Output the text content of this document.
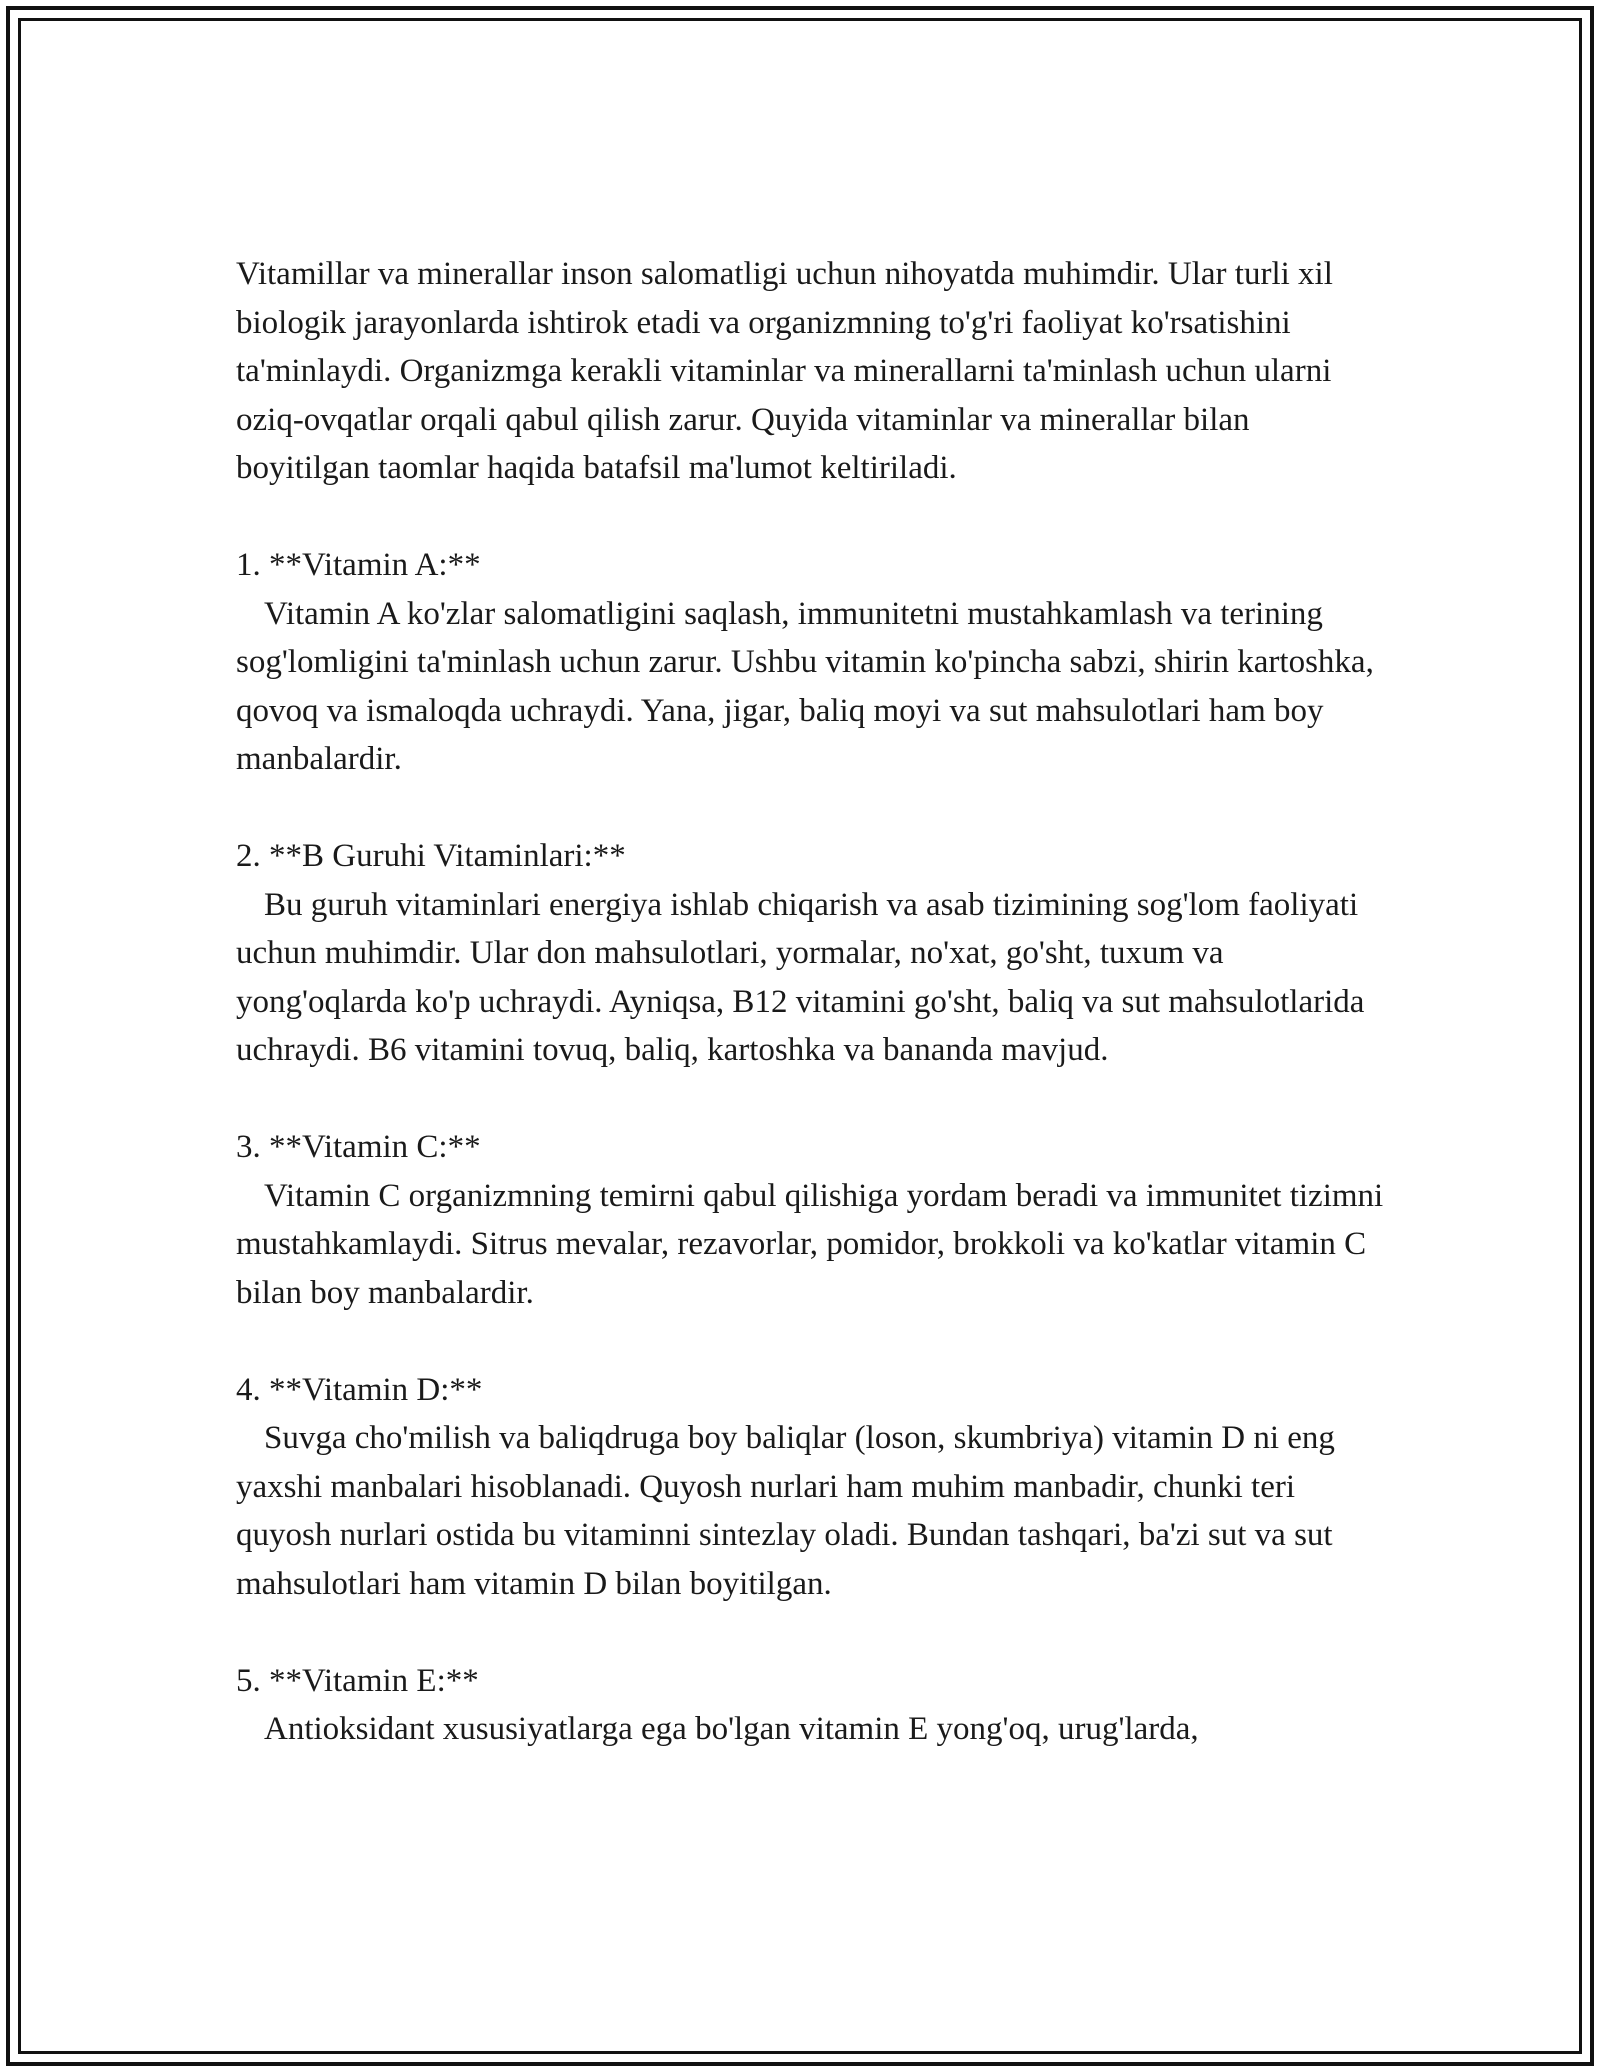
Vitamillar va minerallar inson salomatligi uchun nihoyatda muhimdir. Ular turli xil biologik jarayonlarda ishtirok etadi va organizmning to'g'ri faoliyat ko'rsatishini ta'minlaydi. Organizmga kerakli vitaminlar va minerallarni ta'minlash uchun ularni oziq-ovqatlar orqali qabul qilish zarur. Quyida vitaminlar va minerallar bilan boyitilgan taomlar haqida batafsil ma'lumot keltiriladi.

1. **Vitamin A:**

Vitamin A ko'zlar salomatligini saqlash, immunitetni mustahkamlash va terining sog'lomligini ta'minlash uchun zarur. Ushbu vitamin ko'pincha sabzi, shirin kartoshka, qovoq va ismaloqda uchraydi. Yana, jigar, baliq moyi va sut mahsulotlari ham boy manbalardir.

2. **B Guruhi Vitaminlari:**

Bu guruh vitaminlari energiya ishlab chiqarish va asab tizimining sog'lom faoliyati uchun muhimdir. Ular don mahsulotlari, yormalar, no'xat, go'sht, tuxum va yong'oqlarda ko'p uchraydi. Ayniqsa, B12 vitamini go'sht, baliq va sut mahsulotlarida uchraydi. B6 vitamini tovuq, baliq, kartoshka va bananda mavjud.

3. **Vitamin C:**

Vitamin C organizmning temirni qabul qilishiga yordam beradi va immunitet tizimni mustahkamlaydi. Sitrus mevalar, rezavorlar, pomidor, brokkoli va ko'katlar vitamin C bilan boy manbalardir.

4. **Vitamin D:**

Suvga cho'milish va baliqdruga boy baliqlar (loson, skumbriya) vitamin D ni eng yaxshi manbalari hisoblanadi. Quyosh nurlari ham muhim manbadir, chunki teri quyosh nurlari ostida bu vitaminni sintezlay oladi. Bundan tashqari, ba'zi sut va sut mahsulotlari ham vitamin D bilan boyitilgan.

5. **Vitamin E:**

Antioksidant xususiyatlarga ega bo'lgan vitamin E yong'oq, urug'larda,
